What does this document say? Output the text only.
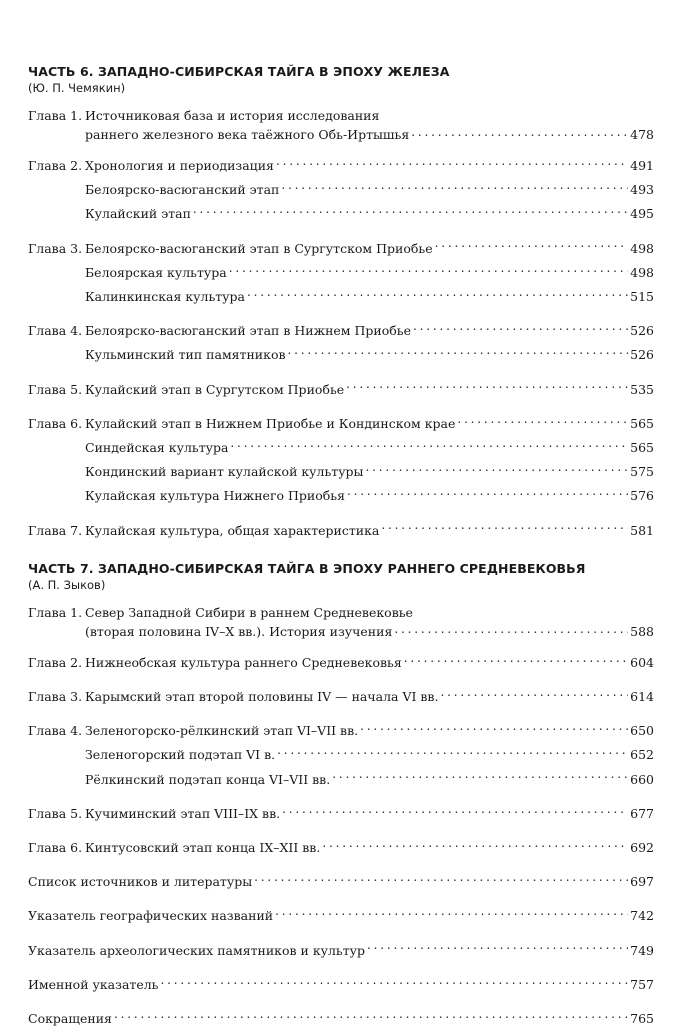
ЧАСТЬ 6. ЗАПАДНО-СИБИРСКАЯ ТАЙГА В ЭПОХУ ЖЕЛЕЗА
(Ю. П. Чемякин)
Глава 1. Источниковая база и история исследования
раннего железного века таёжного Обь-Иртышья . . .	478
Глава 2. Хронология и периодизация . . .	491
Белоярско-васюганский этап . . .	493
Кулайский этап . . .	495
Глава 3. Белоярско-васюганский этап в Сургутском Приобье . . .	498
Белоярская культура . . .	498
Калинкинская культура . . .	515
Глава 4. Белоярско-васюганский этап в Нижнем Приобье . . .	526
Кульминский тип памятников . . .	526
Глава 5. Кулайский этап в Сургутском Приобье . . .	535
Глава 6. Кулайский этап в Нижнем Приобье и Кондинском крае . . .	565
Синдейская культура . . .	565
Кондинский вариант кулайской культуры . . .	575
Кулайская культура Нижнего Приобья . . .	576
Глава 7. Кулайская культура, общая характеристика . . .	581
ЧАСТЬ 7. ЗАПАДНО-СИБИРСКАЯ ТАЙГА В ЭПОХУ РАННЕГО СРЕДНЕВЕКОВЬЯ
(А. П. Зыков)
Глава 1. Север Западной Сибири в раннем Средневековье
(вторая половина IV–X вв.). История изучения . . .	588
Глава 2. Нижнеобская культура раннего Средневековья . . .	604
Глава 3. Карымский этап второй половины IV — начала VI вв. . . .	614
Глава 4. Зеленогорско-рёлкинский этап VI–VII вв. . . .	650
Зеленогорский подэтап VI в. . . .	652
Рёлкинский подэтап конца VI–VII вв. . . .	660
Глава 5. Кучиминский этап VIII–IX вв. . . .	677
Глава 6. Кинтусовский этап конца IX–XII вв. . . .	692
Список источников и литературы . . .	697
Указатель географических названий . . .	742
Указатель археологических памятников и культур . . .	749
Именной указатель . . .	757
Сокращения . . .	765
